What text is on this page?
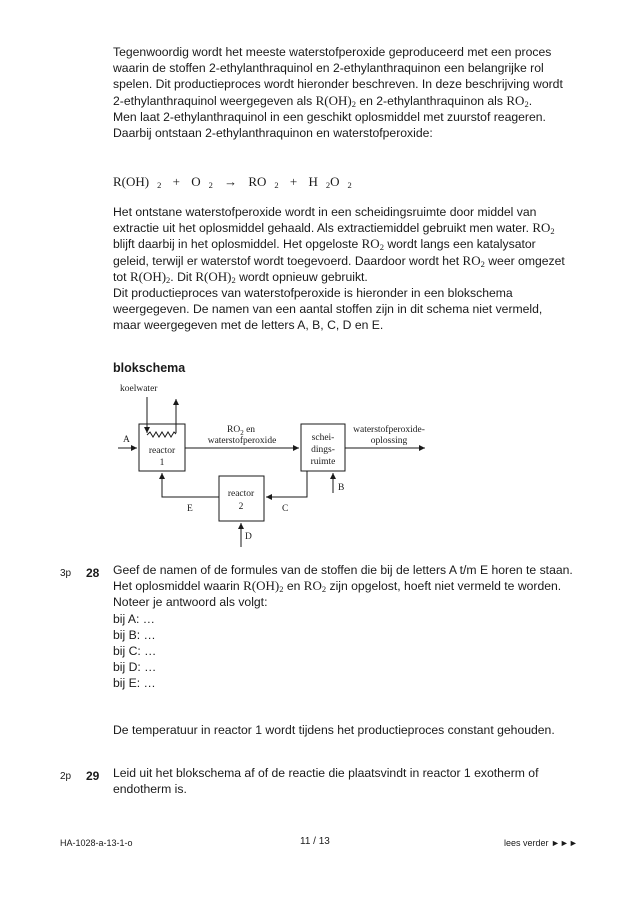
Tegenwoordig wordt het meeste waterstofperoxide geproduceerd met een proces waarin de stoffen 2-ethylanthraquinol en 2-ethylanthraquinon een belangrijke rol spelen. Dit productieproces wordt hieronder beschreven. In deze beschrijving wordt 2-ethylanthraquinol weergegeven als $R(OH)_2$ en 2-ethylanthraquinon als $RO_2$.
Men laat 2-ethylanthraquinol in een geschikt oplosmiddel met zuurstof reageren. Daarbij ontstaan 2-ethylanthraquinon en waterstofperoxide:
R(OH) $_2$ + O $_2$ → RO $_2$ + H $_2$O $_2$
Het ontstane waterstofperoxide wordt in een scheidingsruimte door middel van extractie uit het oplosmiddel gehaald. Als extractiemiddel gebruikt men water. $RO_2$ blijft daarbij in het oplosmiddel. Het opgeloste $RO_2$ wordt langs een katalysator geleid, terwijl er waterstof wordt toegevoerd. Daardoor wordt het $RO_2$ weer omgezet tot $R(OH)_2$. Dit $R(OH)_2$ wordt opnieuw gebruikt.
Dit productieproces van waterstofperoxide is hieronder in een blokschema weergegeven. De namen van een aantal stoffen zijn in dit schema niet vermeld, maar weergegeven met de letters A, B, C, D en E.
blokschema
koelwater
A
reactor
1
schei-
dings-
ruimte
reactor
2
$RO_2$ en
waterstofperoxide
waterstofperoxide-
oplossing
B
C
D
E
3p 28 Geef de namen of de formules van de stoffen die bij de letters A t/m E horen te staan. Het oplosmiddel waarin $R(OH)_2$ en $RO_2$ zijn opgelost, hoeft niet vermeld te worden.
Noteer je antwoord als volgt:
bij A: …
bij B: …
bij C: …
bij D: …
bij E: …
De temperatuur in reactor 1 wordt tijdens het productieproces constant gehouden.
2p 29 Leid uit het blokschema af of de reactie die plaatsvindt in reactor 1 exotherm of endotherm is.
HA-1028-a-13-1-o	11 / 13	lees verder ►►►
